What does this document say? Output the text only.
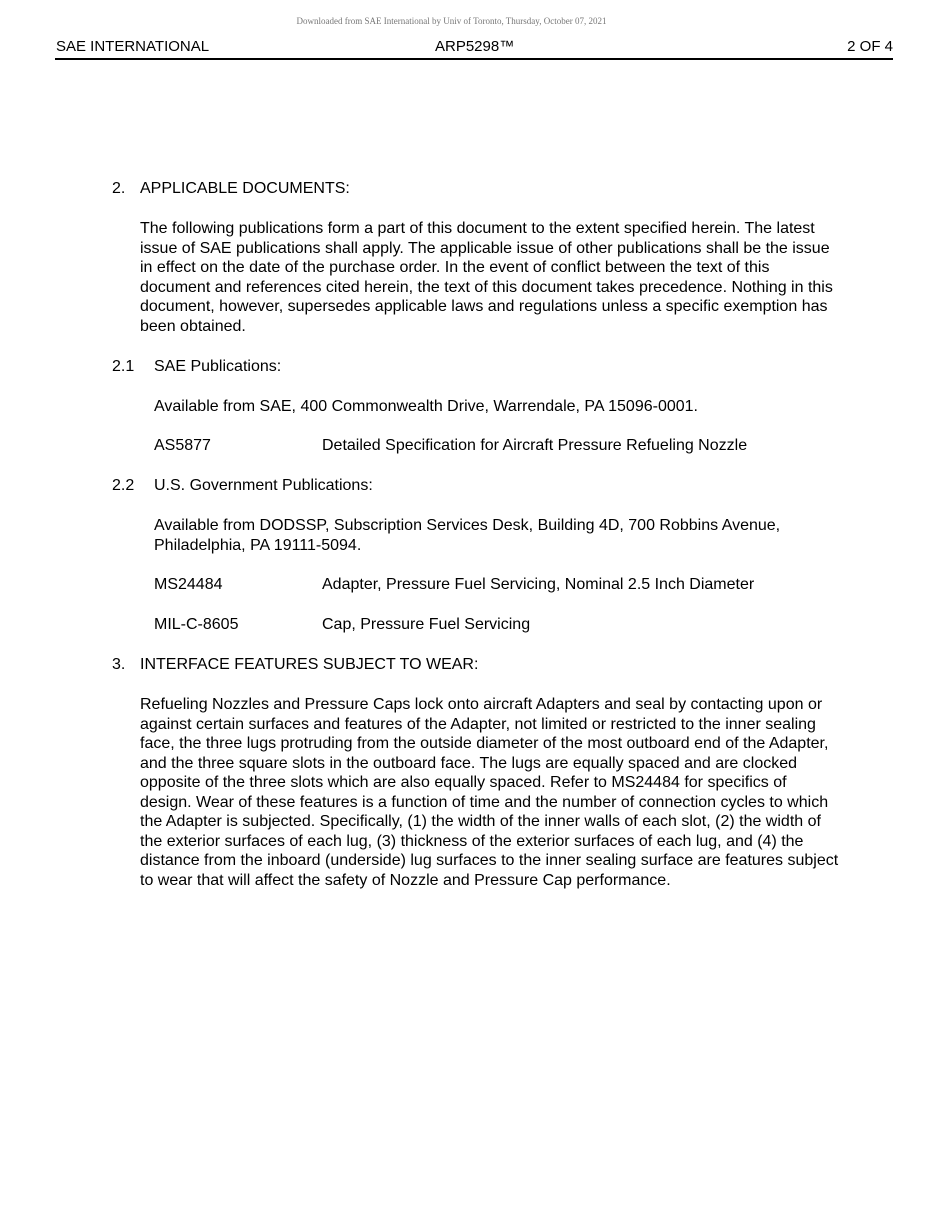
Downloaded from SAE International by Univ of Toronto, Thursday, October 07, 2021
SAE INTERNATIONAL	ARP5298™	2 OF 4
2. APPLICABLE DOCUMENTS:
The following publications form a part of this document to the extent specified herein. The latest issue of SAE publications shall apply. The applicable issue of other publications shall be the issue in effect on the date of the purchase order. In the event of conflict between the text of this document and references cited herein, the text of this document takes precedence. Nothing in this document, however, supersedes applicable laws and regulations unless a specific exemption has been obtained.
2.1 SAE Publications:
Available from SAE, 400 Commonwealth Drive, Warrendale, PA 15096-0001.
AS5877	Detailed Specification for Aircraft Pressure Refueling Nozzle
2.2 U.S. Government Publications:
Available from DODSSP, Subscription Services Desk, Building 4D, 700 Robbins Avenue, Philadelphia, PA 19111-5094.
MS24484	Adapter, Pressure Fuel Servicing, Nominal 2.5 Inch Diameter
MIL-C-8605	Cap, Pressure Fuel Servicing
3. INTERFACE FEATURES SUBJECT TO WEAR:
Refueling Nozzles and Pressure Caps lock onto aircraft Adapters and seal by contacting upon or against certain surfaces and features of the Adapter, not limited or restricted to the inner sealing face, the three lugs protruding from the outside diameter of the most outboard end of the Adapter, and the three square slots in the outboard face. The lugs are equally spaced and are clocked opposite of the three slots which are also equally spaced. Refer to MS24484 for specifics of design. Wear of these features is a function of time and the number of connection cycles to which the Adapter is subjected. Specifically, (1) the width of the inner walls of each slot, (2) the width of the exterior surfaces of each lug, (3) thickness of the exterior surfaces of each lug, and (4) the distance from the inboard (underside) lug surfaces to the inner sealing surface are features subject to wear that will affect the safety of Nozzle and Pressure Cap performance.
